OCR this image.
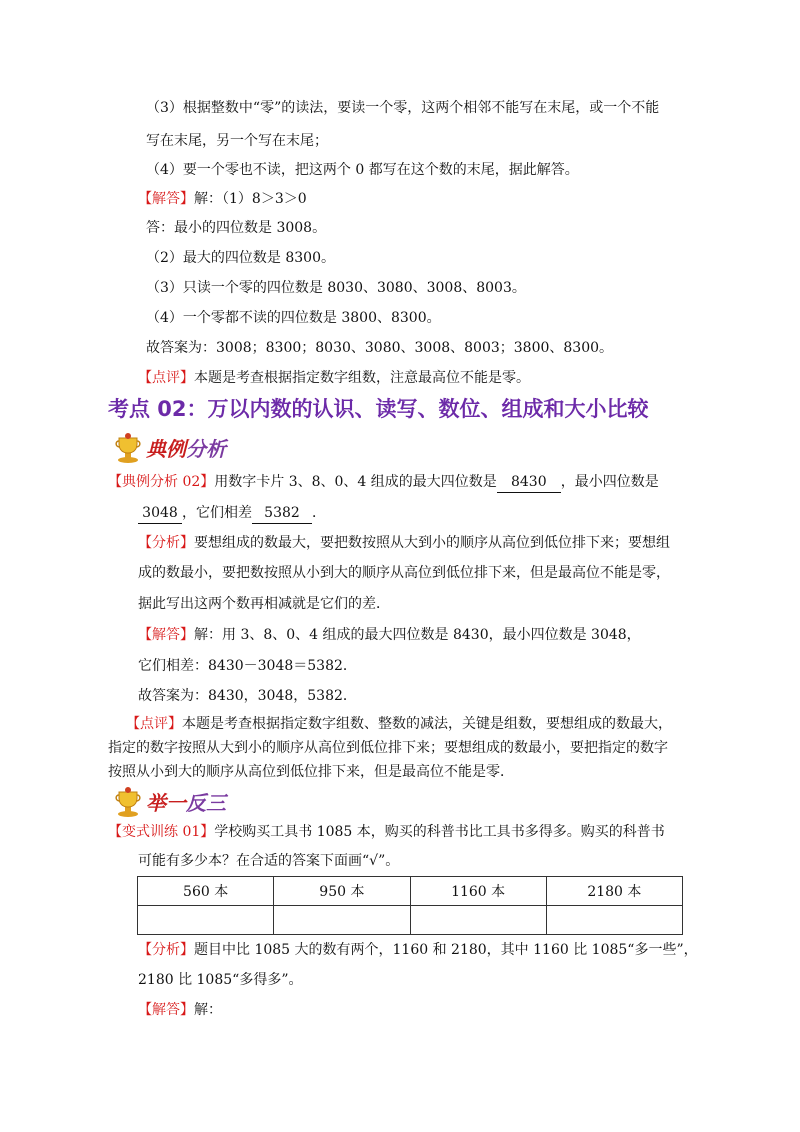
（3）根据整数中“零”的读法，要读一个零，这两个相邻不能写在末尾，或一个不能
写在末尾，另一个写在末尾；
（4）要一个零也不读，把这两个 0 都写在这个数的末尾，据此解答。
【解答】解：（1）8＞3＞0
答：最小的四位数是 3008。
（2）最大的四位数是 8300。
（3）只读一个零的四位数是 8030、3080、3008、8003。
（4）一个零都不读的四位数是 3800、8300。
故答案为：3008；8300；8030、3080、3008、8003；3800、8300。
【点评】本题是考查根据指定数字组数，注意最高位不能是零。
考点 02：万以内数的认识、读写、数位、组成和大小比较
典例分析
【典例分析 02】用数字卡片 3、8、0、4 组成的最大四位数是 8430 ，最小四位数是
3048 ，它们相差 5382 ．
【分析】要想组成的数最大，要把数按照从大到小的顺序从高位到低位排下来；要想组
成的数最小，要把数按照从小到大的顺序从高位到低位排下来，但是最高位不能是零，
据此写出这两个数再相减就是它们的差．
【解答】解：用 3、8、0、4 组成的最大四位数是 8430，最小四位数是 3048，
它们相差：8430－3048＝5382．
故答案为：8430，3048，5382．
【点评】本题是考查根据指定数字组数、整数的减法，关键是组数，要想组成的数最大，
指定的数字按照从大到小的顺序从高位到低位排下来；要想组成的数最小，要把指定的数字
按照从小到大的顺序从高位到低位排下来，但是最高位不能是零．
举一反三
【变式训练 01】学校购买工具书 1085 本，购买的科普书比工具书多得多。购买的科普书
可能有多少本？在合适的答案下面画“√”。
560 本	950 本	1160 本	2180 本

【分析】题目中比 1085 大的数有两个，1160 和 2180，其中 1160 比 1085“多一些”，
2180 比 1085“多得多”。
【解答】解：
